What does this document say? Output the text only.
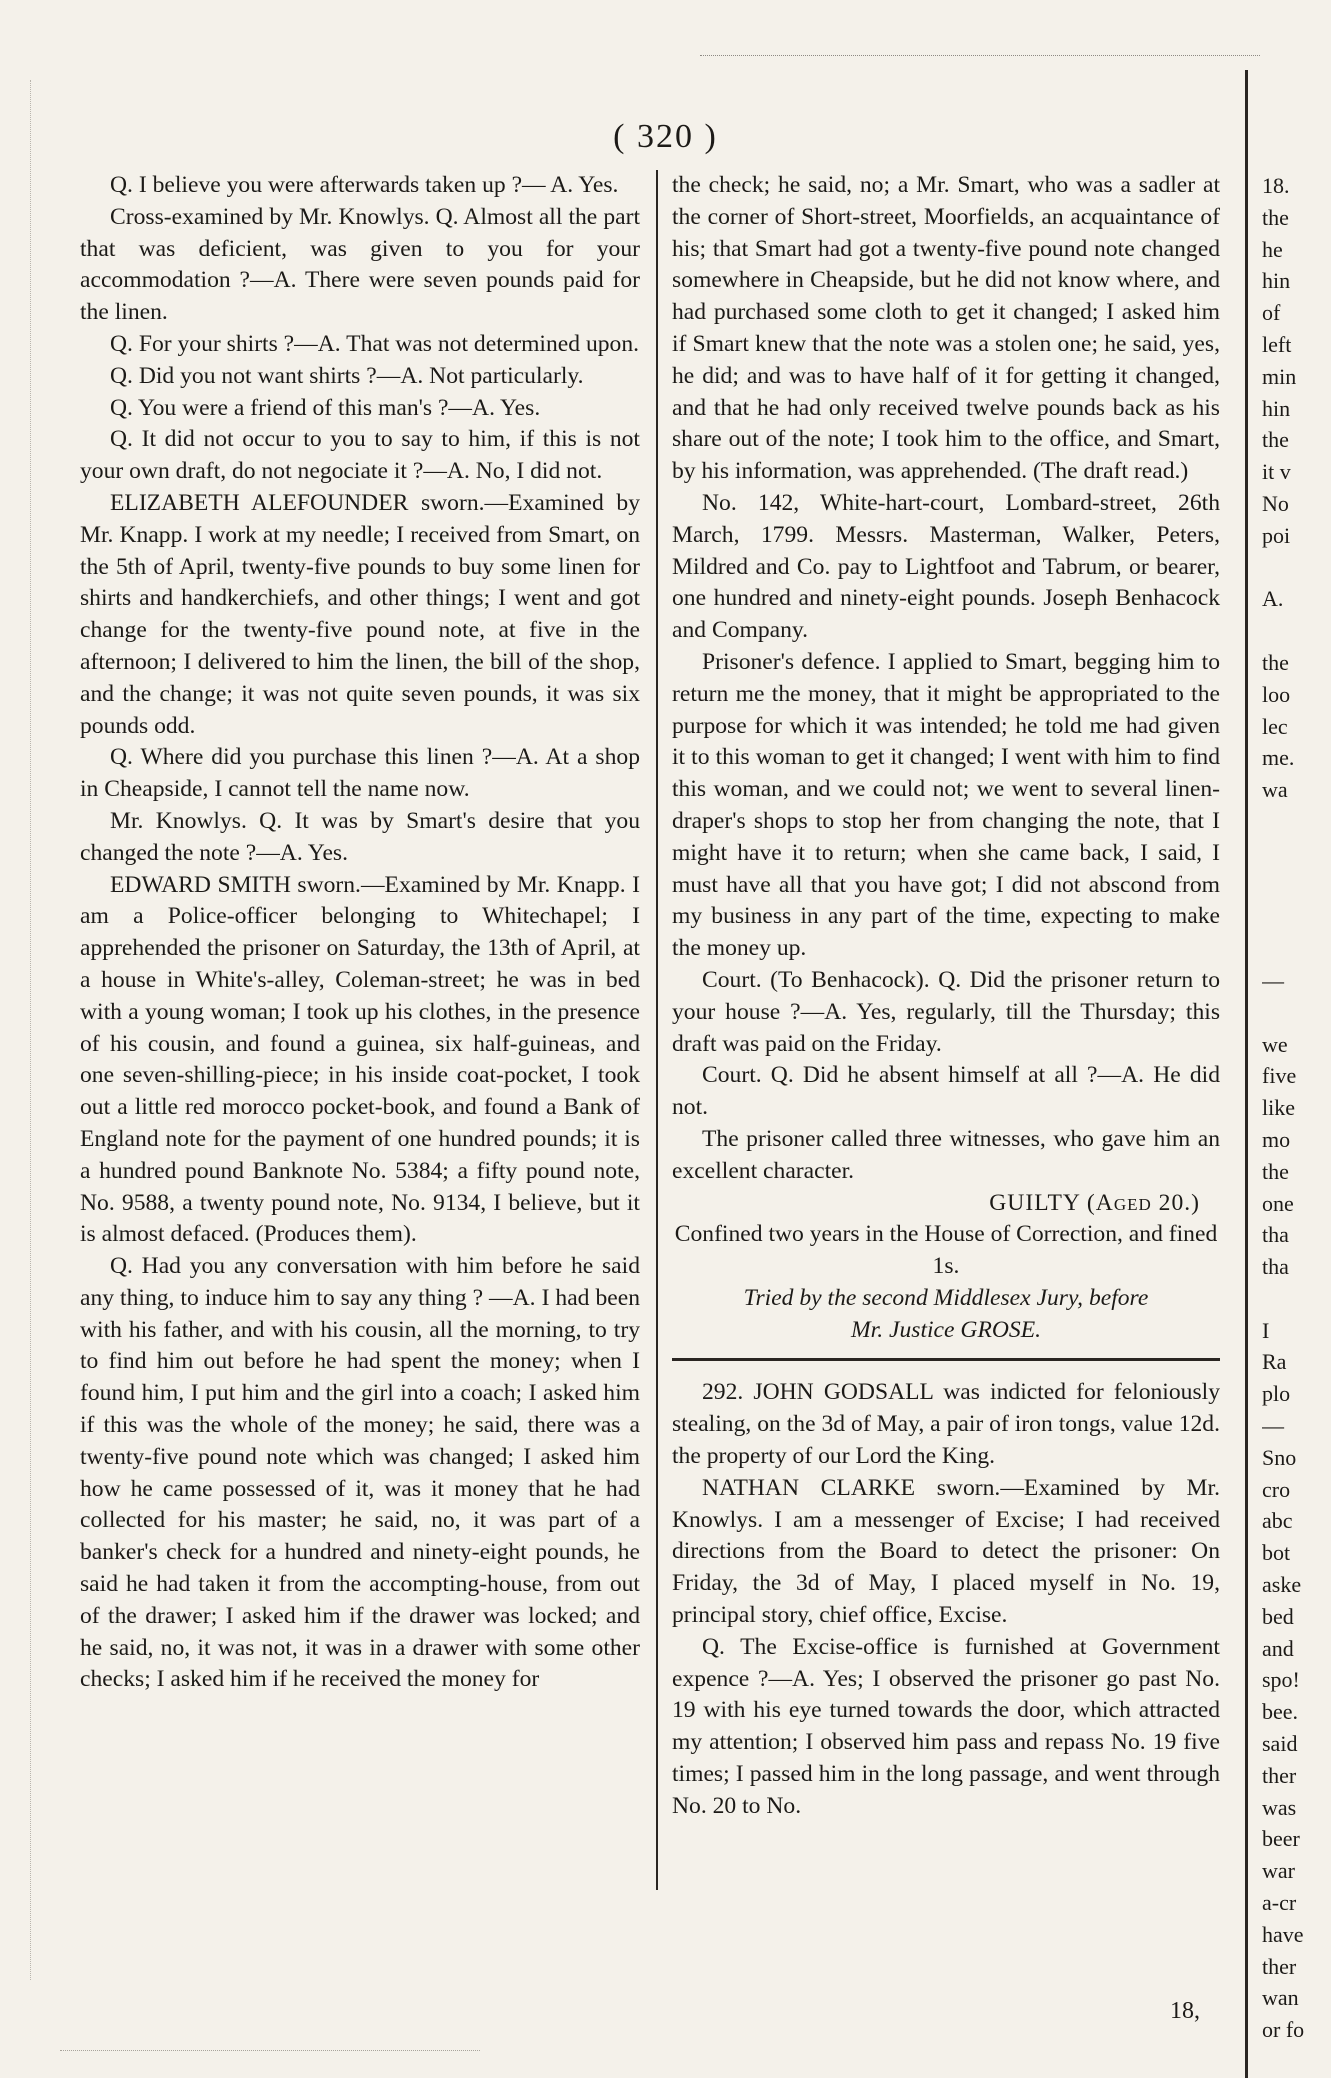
( 320 )

Q. I believe you were afterwards taken up ?— A. Yes.

Cross-examined by Mr. Knowlys. Q. Almost all the part that was deficient, was given to you for your accommodation ?—A. There were seven pounds paid for the linen.

Q. For your shirts ?—A. That was not determined upon.

Q. Did you not want shirts ?—A. Not particularly.

Q. You were a friend of this man's ?—A. Yes.

Q. It did not occur to you to say to him, if this is not your own draft, do not negociate it ?—A. No, I did not.

ELIZABETH ALEFOUNDER sworn.—Examined by Mr. Knapp. I work at my needle; I received from Smart, on the 5th of April, twenty-five pounds to buy some linen for shirts and handkerchiefs, and other things; I went and got change for the twenty-five pound note, at five in the afternoon; I delivered to him the linen, the bill of the shop, and the change; it was not quite seven pounds, it was six pounds odd.

Q. Where did you purchase this linen ?—A. At a shop in Cheapside, I cannot tell the name now.

Mr. Knowlys. Q. It was by Smart's desire that you changed the note ?—A. Yes.

EDWARD SMITH sworn.—Examined by Mr. Knapp. I am a Police-officer belonging to Whitechapel; I apprehended the prisoner on Saturday, the 13th of April, at a house in White's-alley, Coleman-street; he was in bed with a young woman; I took up his clothes, in the presence of his cousin, and found a guinea, six half-guineas, and one seven-shilling-piece; in his inside coat-pocket, I took out a little red morocco pocket-book, and found a Bank of England note for the payment of one hundred pounds; it is a hundred pound Banknote No. 5384; a fifty pound note, No. 9588, a twenty pound note, No. 9134, I believe, but it is almost defaced. (Produces them).

Q. Had you any conversation with him before he said any thing, to induce him to say any thing ? —A. I had been with his father, and with his cousin, all the morning, to try to find him out before he had spent the money; when I found him, I put him and the girl into a coach; I asked him if this was the whole of the money; he said, there was a twenty-five pound note which was changed; I asked him how he came possessed of it, was it money that he had collected for his master; he said, no, it was part of a banker's check for a hundred and ninety-eight pounds, he said he had taken it from the accompting-house, from out of the drawer; I asked him if the drawer was locked; and he said, no, it was not, it was in a drawer with some other checks; I asked him if he received the money for

the check; he said, no; a Mr. Smart, who was a sadler at the corner of Short-street, Moorfields, an acquaintance of his; that Smart had got a twenty-five pound note changed somewhere in Cheapside, but he did not know where, and had purchased some cloth to get it changed; I asked him if Smart knew that the note was a stolen one; he said, yes, he did; and was to have half of it for getting it changed, and that he had only received twelve pounds back as his share out of the note; I took him to the office, and Smart, by his information, was apprehended. (The draft read.)

No. 142, White-hart-court, Lombard-street, 26th March, 1799. Messrs. Masterman, Walker, Peters, Mildred and Co. pay to Lightfoot and Tabrum, or bearer, one hundred and ninety-eight pounds. Joseph Benhacock and Company.

Prisoner's defence. I applied to Smart, begging him to return me the money, that it might be appropriated to the purpose for which it was intended; he told me had given it to this woman to get it changed; I went with him to find this woman, and we could not; we went to several linen-draper's shops to stop her from changing the note, that I might have it to return; when she came back, I said, I must have all that you have got; I did not abscond from my business in any part of the time, expecting to make the money up.

Court. (To Benhacock). Q. Did the prisoner return to your house ?—A. Yes, regularly, till the Thursday; this draft was paid on the Friday.

Court. Q. Did he absent himself at all ?—A. He did not.

The prisoner called three witnesses, who gave him an excellent character.

GUILTY (Aged 20.)

Confined two years in the House of Correction, and fined 1s.

Tried by the second Middlesex Jury, before

Mr. Justice GROSE.

292. JOHN GODSALL was indicted for feloniously stealing, on the 3d of May, a pair of iron tongs, value 12d. the property of our Lord the King.

NATHAN CLARKE sworn.—Examined by Mr. Knowlys. I am a messenger of Excise; I had received directions from the Board to detect the prisoner: On Friday, the 3d of May, I placed myself in No. 19, principal story, chief office, Excise.

Q. The Excise-office is furnished at Government expence ?—A. Yes; I observed the prisoner go past No. 19 with his eye turned towards the door, which attracted my attention; I observed him pass and repass No. 19 five times; I passed him in the long passage, and went through No. 20 to No.

18.
the
he
hin
of
left
min
hin
the
it v
No
poi

A.

the
loo
lec
me.
wa

—

we
five
like
mo
the
one
tha
tha

I
Ra
plo
—
Sno
cro
abc
bot
aske
bed
and
spo!
bee.
said
ther
was
beer
war
a-cr
have
ther
wan
or fo
18,
